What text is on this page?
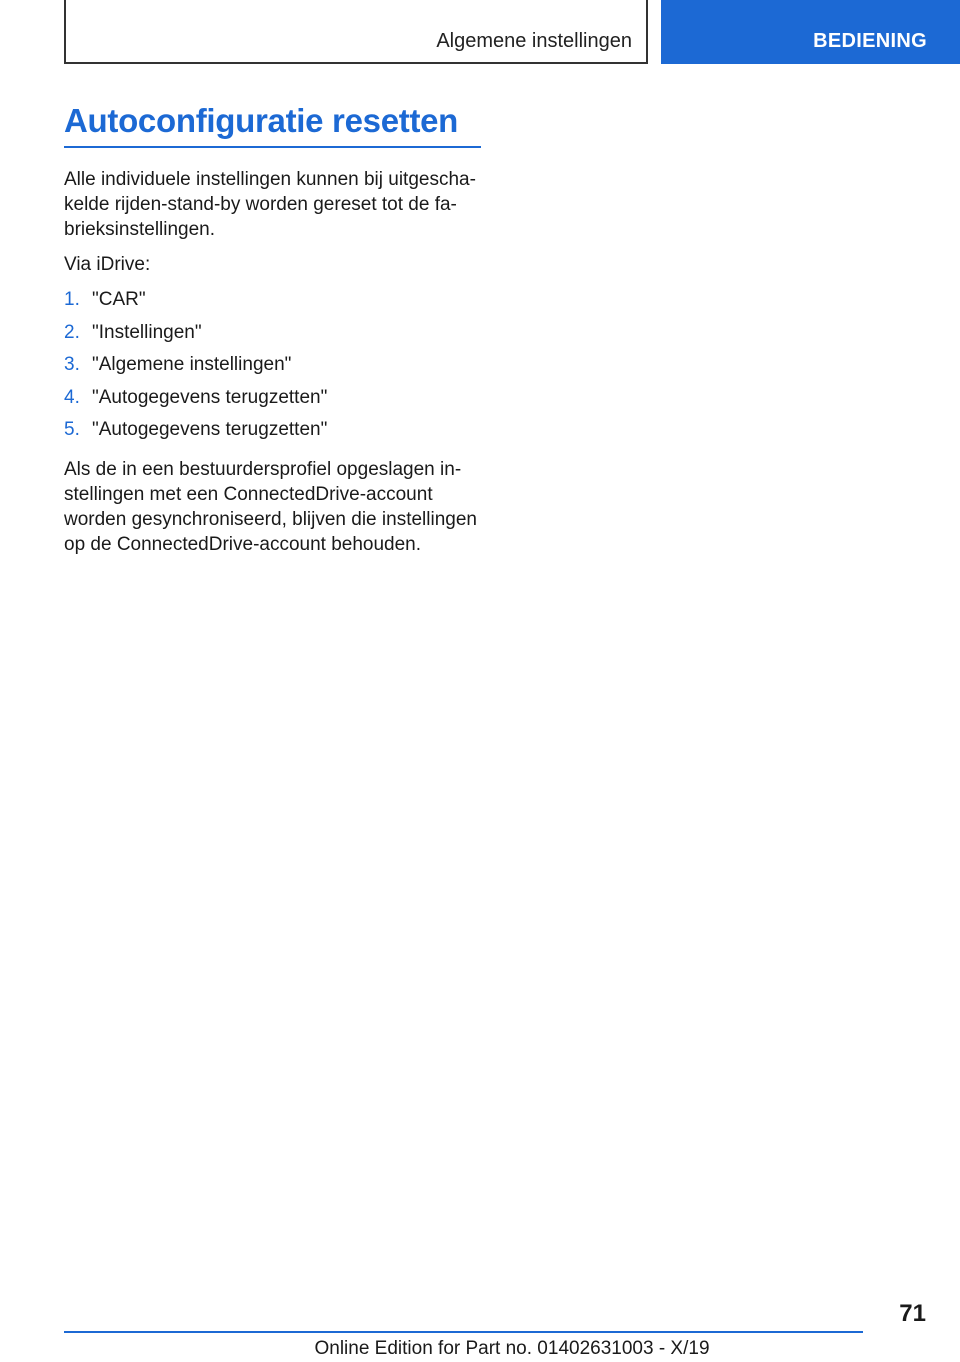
Algemene instellingen	BEDIENING
Autoconfiguratie resetten

Alle individuele instellingen kunnen bij uitgescha-
kelde rijden-stand-by worden gereset tot de fa-
brieksinstellingen.

Via iDrive:

1. "CAR"
2. "Instellingen"
3. "Algemene instellingen"
4. "Autogegevens terugzetten"
5. "Autogegevens terugzetten"

Als de in een bestuurdersprofiel opgeslagen in-
stellingen met een ConnectedDrive-account
worden gesynchroniseerd, blijven die instellingen
op de ConnectedDrive-account behouden.

71
Online Edition for Part no. 01402631003 - X/19
